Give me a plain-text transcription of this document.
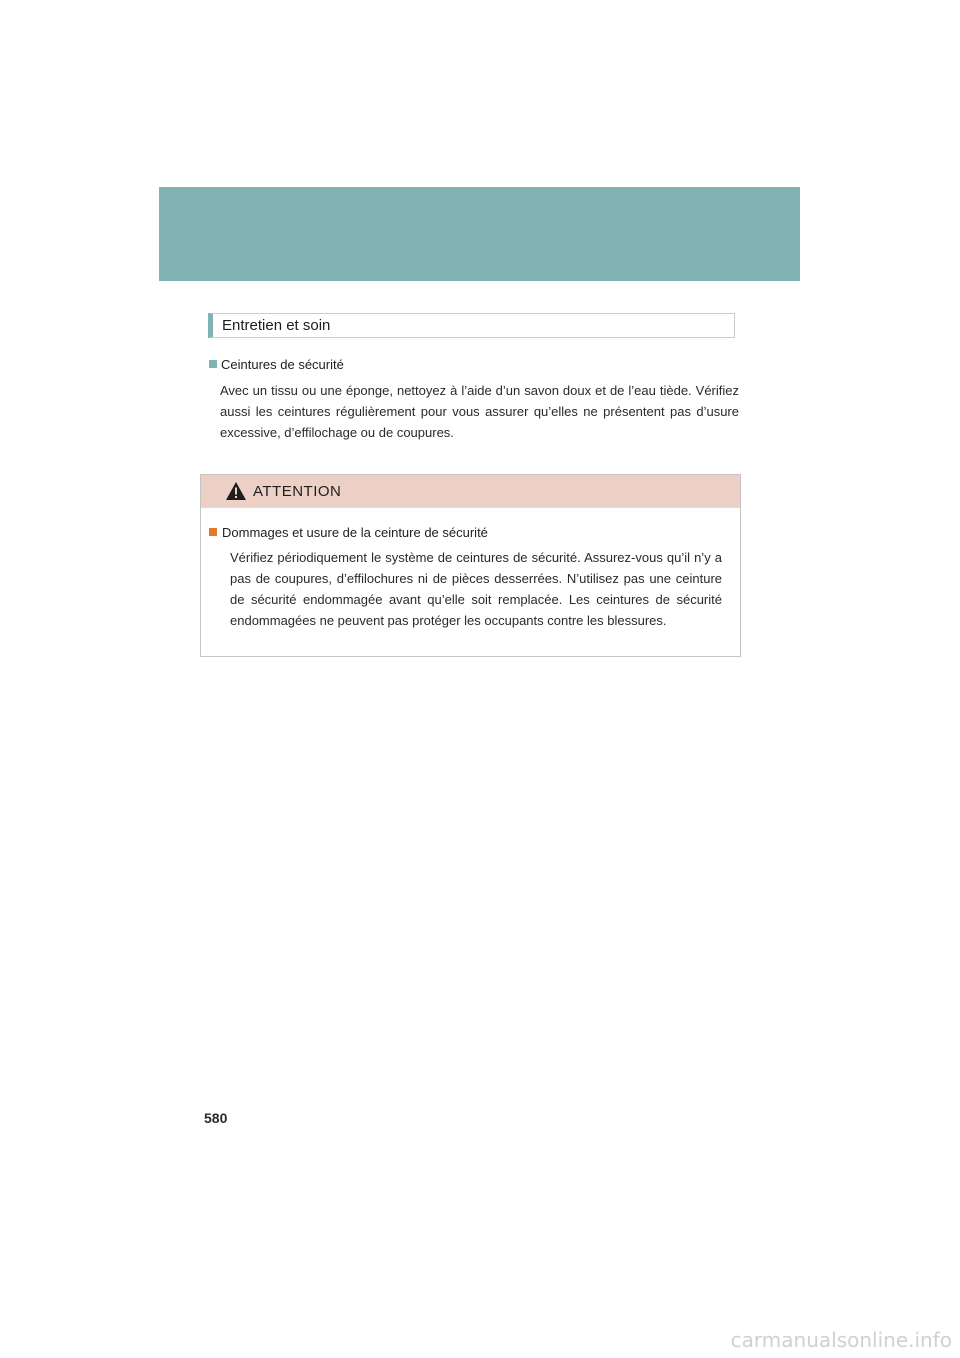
Entretien et soin
Ceintures de sécurité

Avec un tissu ou une éponge, nettoyez à l’aide d’un savon doux et de l’eau tiède. Vérifiez aussi les ceintures régulièrement pour vous assurer qu’elles ne présentent pas d’usure excessive, d’effilochage ou de coupures.

ATTENTION
Dommages et usure de la ceinture de sécurité

Vérifiez périodiquement le système de ceintures de sécurité. Assurez-vous qu’il n’y a pas de coupures, d’effilochures ni de pièces desserrées. N’utilisez pas une ceinture de sécurité endommagée avant qu’elle soit remplacée. Les ceintures de sécurité endommagées ne peuvent pas protéger les occupants contre les blessures.

580
carmanualsonline.info
